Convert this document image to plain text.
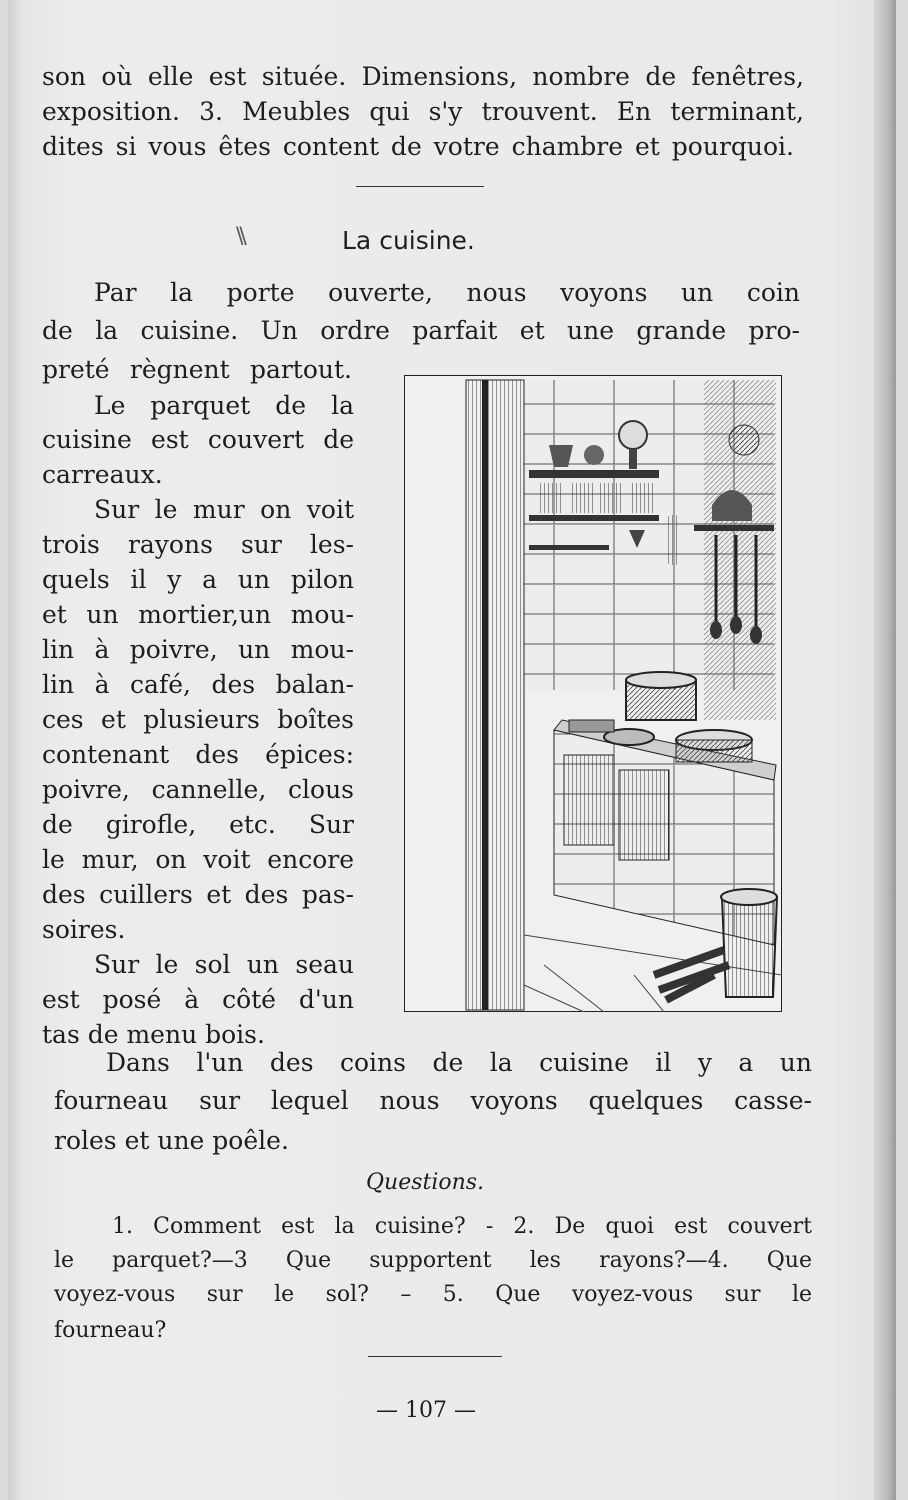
son où elle est située. Dimensions, nombre de fenêtres,
exposition. 3. Meubles qui s'y trouvent. En terminant,
dites si vous êtes content de votre chambre et pourquoi.
\\	La cuisine.
Par la porte ouverte, nous voyons un coin
de la cuisine. Un ordre parfait et une grande pro-
preté règnent partout.
Le parquet de la
cuisine est couvert de
carreaux.
Sur le mur on voit
trois rayons sur les-
quels il y a un pilon
et un mortier,un mou-
lin à poivre, un mou-
lin à café, des balan-
ces et plusieurs boîtes
contenant des épices:
poivre, cannelle, clous
de girofle, etc. Sur
le mur, on voit encore
des cuillers et des pas-
soires.
Sur le sol un seau
est posé à côté d'un
tas de menu bois.
Dans l'un des coins de la cuisine il y a un
fourneau sur lequel nous voyons quelques casse-
roles et une poêle.
Questions.
1. Comment est la cuisine? - 2. De quoi est couvert
le parquet?—3 Que supportent les rayons?—4. Que
voyez-vous sur le sol? – 5. Que voyez-vous sur le
fourneau?
— 107 —
